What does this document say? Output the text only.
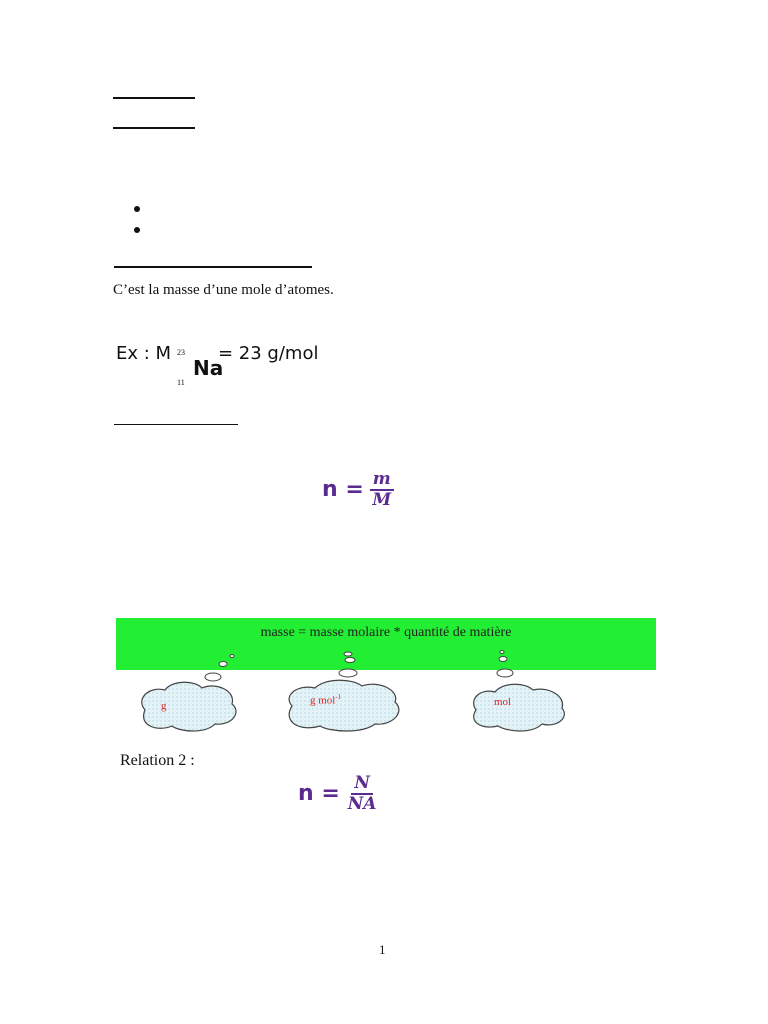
C’est la masse d’une mole d’atomes.
Ex : M 23
11
Na
= 23 g/mol
$n = \frac{m}{M}$
masse = masse molaire * quantité de matière
g	g mol$^{-1}$	mol
Relation 2 :
$n = \frac{N}{NA}$
1
